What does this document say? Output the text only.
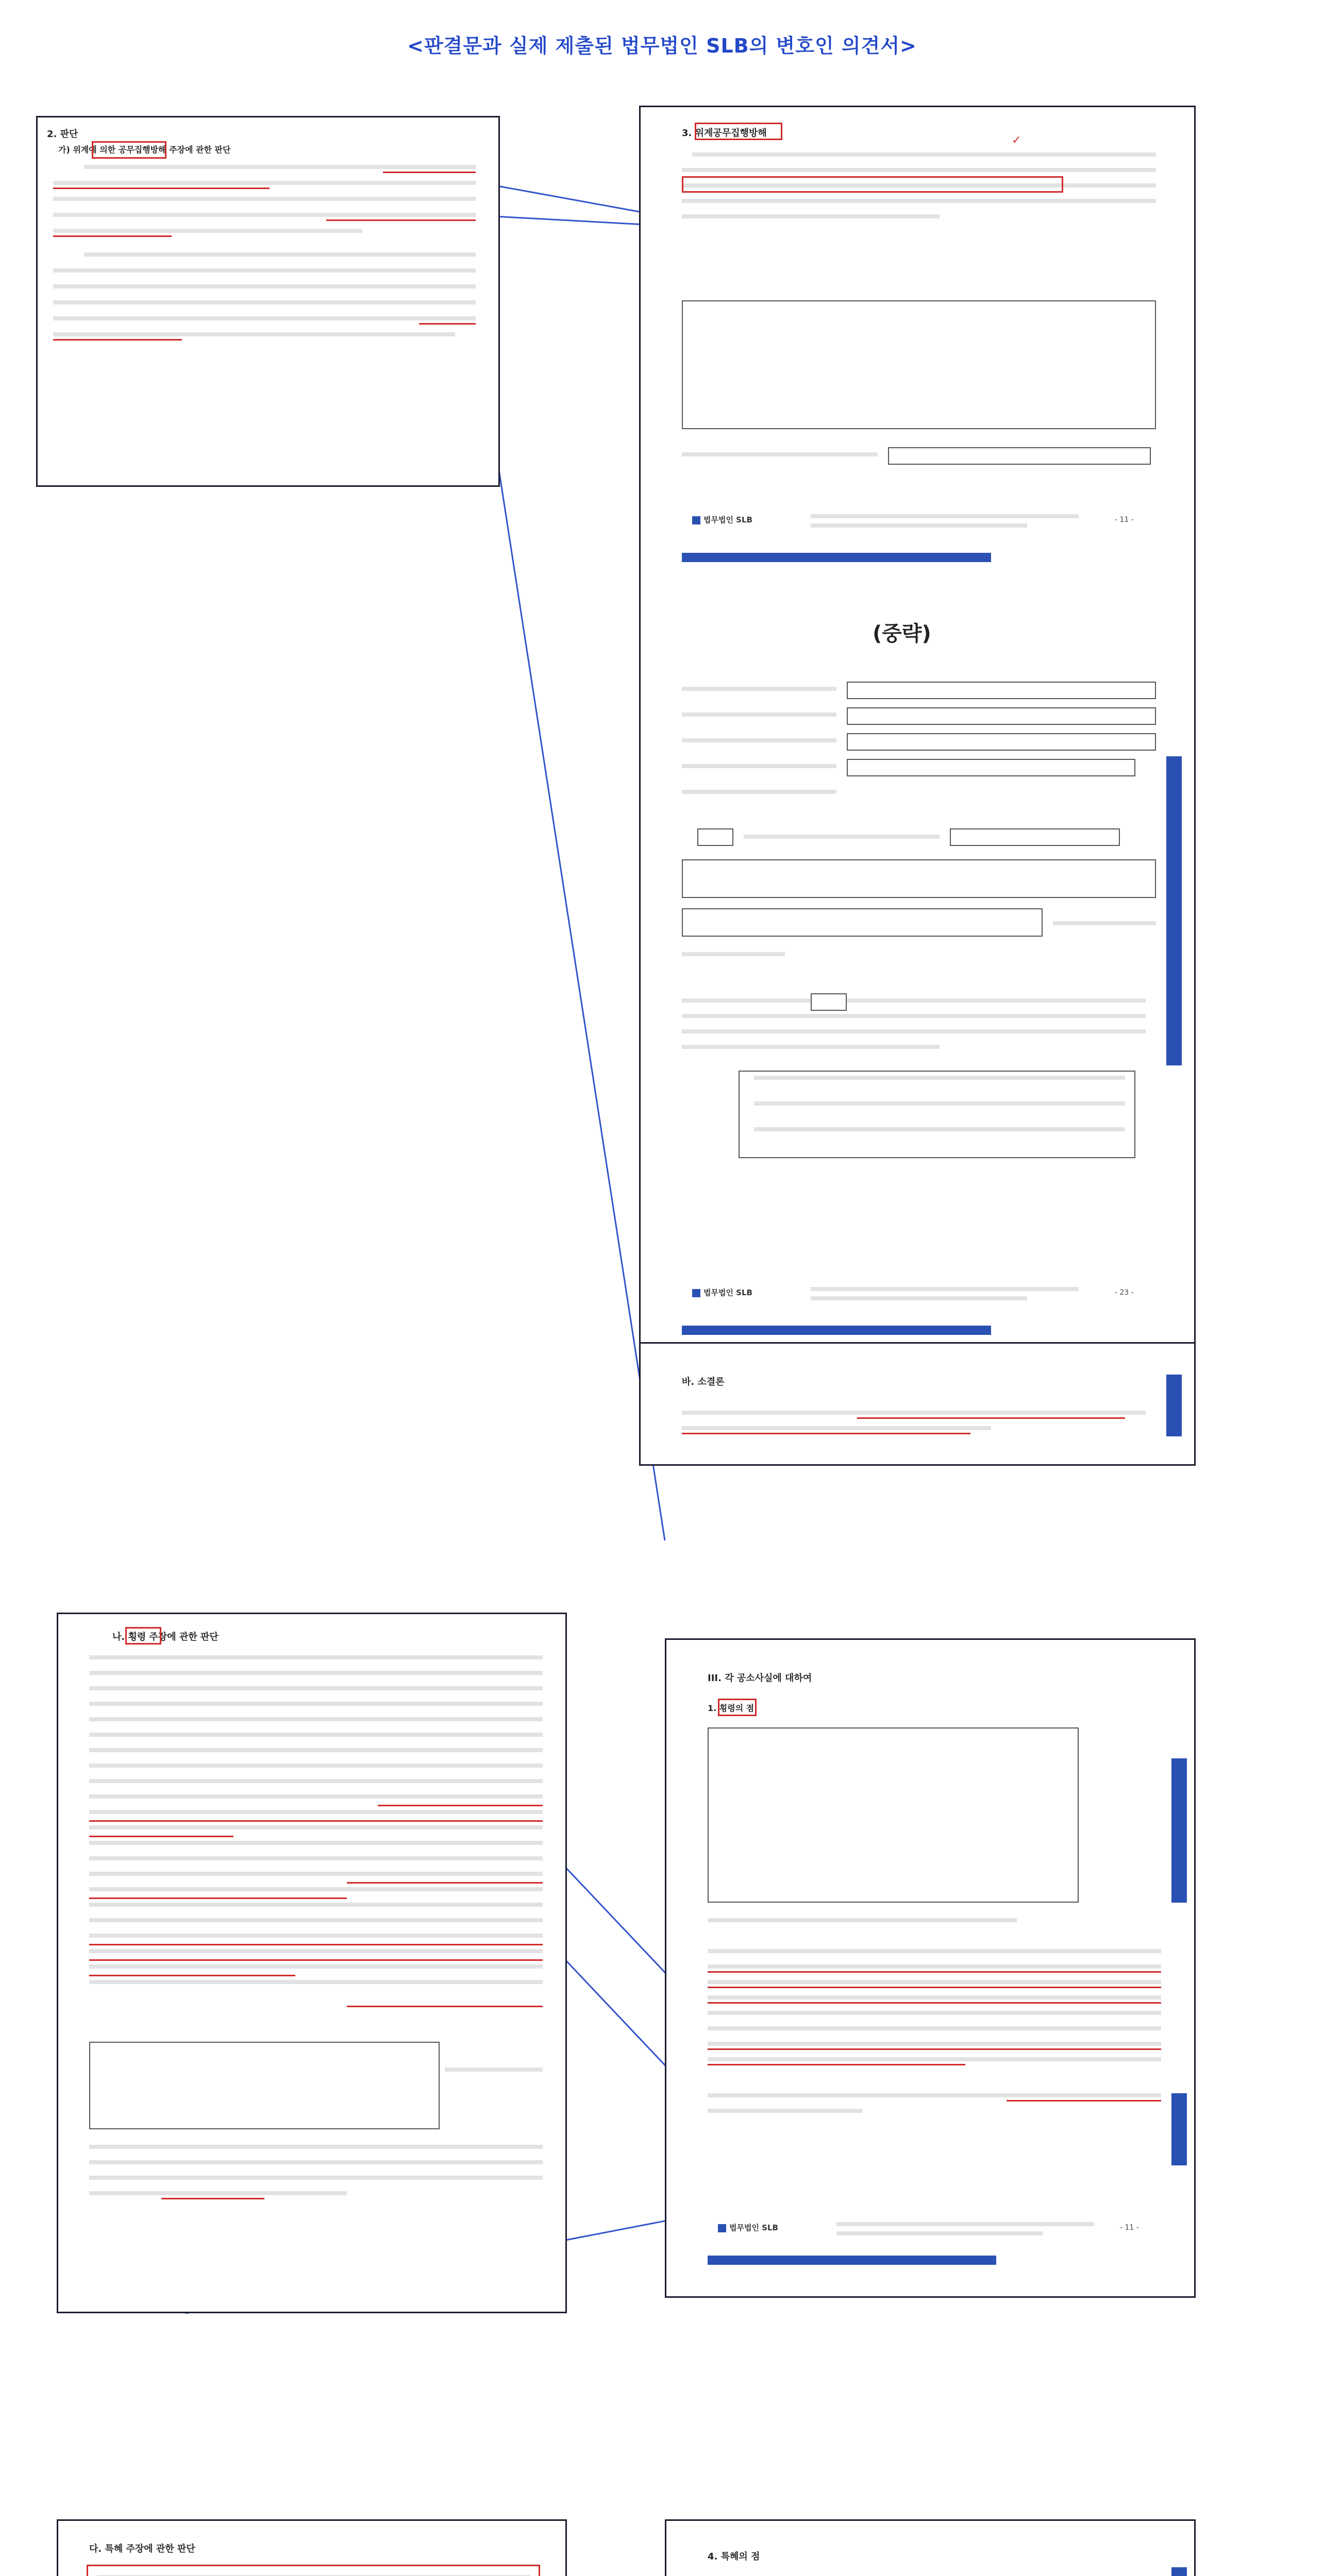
<판결문과 실제 제출된 법무법인 SLB의 변호인 의견서>
2. 판단
가) 위계에 의한 공무집행방해 주장에 관한 판단
3. 위계공무집행방해
✓
법무법인 SLB	- 11 -
(중략)
법무법인 SLB	- 23 -
바. 소결론
나. 횡령 주장에 관한 판단
III. 각 공소사실에 대하여
1. 횡령의 점
법무법인 SLB	- 11 -
다. 특혜 주장에 관한 판단
4. 특혜의 점
